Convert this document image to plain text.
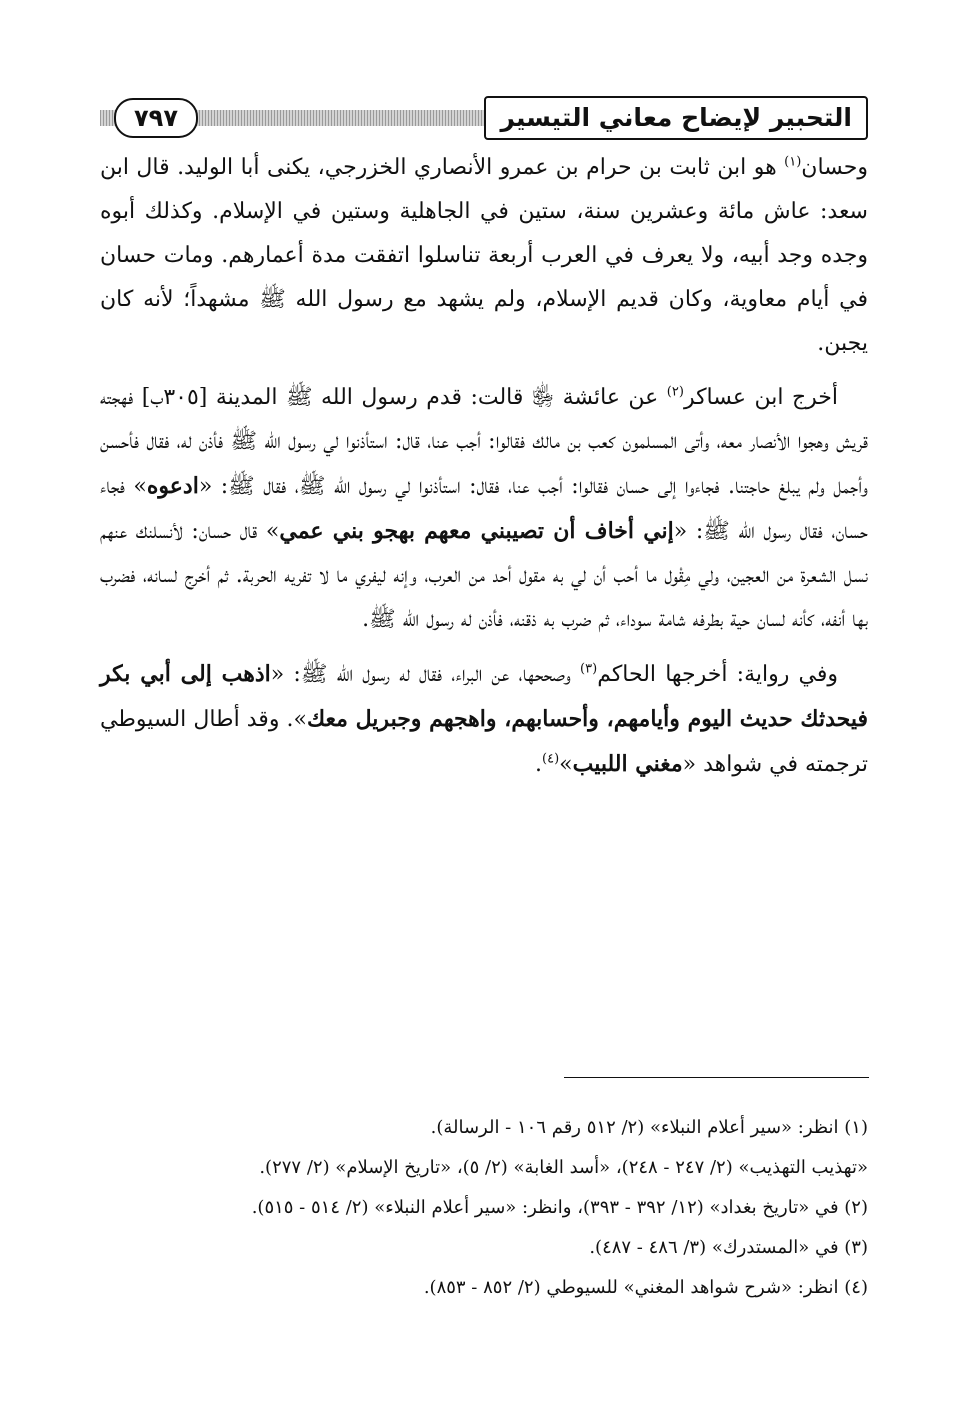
٧٩٧	التحبير لإيضاح معاني التيسير

وحسان$^{(١)}$ هو ابن ثابت بن حرام بن عمرو الأنصاري الخزرجي، يكنى أبا الوليد. قال ابن سعد: عاش مائة وعشرين سنة، ستين في الجاهلية وستين في الإسلام. وكذلك أبوه وجده وجد أبيه، ولا يعرف في العرب أربعة تناسلوا اتفقت مدة أعمارهم. ومات حسان في أيام معاوية، وكان قديم الإسلام، ولم يشهد مع رسول الله ﷺ مشهداً؛ لأنه كان يجبن.

أخرج ابن عساكر$^{(٢)}$ عن عائشة ﵂ قالت: قدم رسول الله ﷺ المدينة [٣٠٥ب] فهجته قريش وهجوا الأنصار معه، وأتى المسلمون كعب بن مالك فقالوا: أجب عنا، قال: استأذنوا لي رسول الله ﷺ فأذن له، فقال فأحسن وأجمل ولم يبلغ حاجتنا. فجاءوا إلى حسان فقالوا: أجب عنا، فقال: استأذنوا لي رسول الله ﷺ، فقال ﷺ: «ادعوه» فجاء حسان، فقال رسول الله ﷺ: «إني أخاف أن تصيبني معهم بهجو بني عمي» قال حسان: لأنسلنك عنهم نسل الشعرة من العجين، ولي مِقْول ما أحب أن لي به مقول أحد من العرب، وإنه ليفري ما لا تفريه الحربة. ثم أخرج لسانه، فضرب بها أنفه، كأنه لسان حية بطرفه شامة سوداء، ثم ضرب به ذقنه، فأذن له رسول الله ﷺ.

وفي رواية: أخرجها الحاكم$^{(٣)}$ وصححها، عن البراء، فقال له رسول الله ﷺ: «اذهب إلى أبي بكر فيحدثك حديث اليوم وأيامهم، وأحسابهم، واهجهم وجبريل معك». وقد أطال السيوطي ترجمته في شواهد «مغني اللبيب»$^{(٤)}$.

(١) انظر: «سير أعلام النبلاء» (٢/ ٥١٢ رقم ١٠٦ - الرسالة).
«تهذيب التهذيب» (٢/ ٢٤٧ - ٢٤٨)، «أسد الغابة» (٢/ ٥)، «تاريخ الإسلام» (٢/ ٢٧٧).
(٢) في «تاريخ بغداد» (١٢/ ٣٩٢ - ٣٩٣)، وانظر: «سير أعلام النبلاء» (٢/ ٥١٤ - ٥١٥).
(٣) في «المستدرك» (٣/ ٤٨٦ - ٤٨٧).
(٤) انظر: «شرح شواهد المغني» للسيوطي (٢/ ٨٥٢ - ٨٥٣).
